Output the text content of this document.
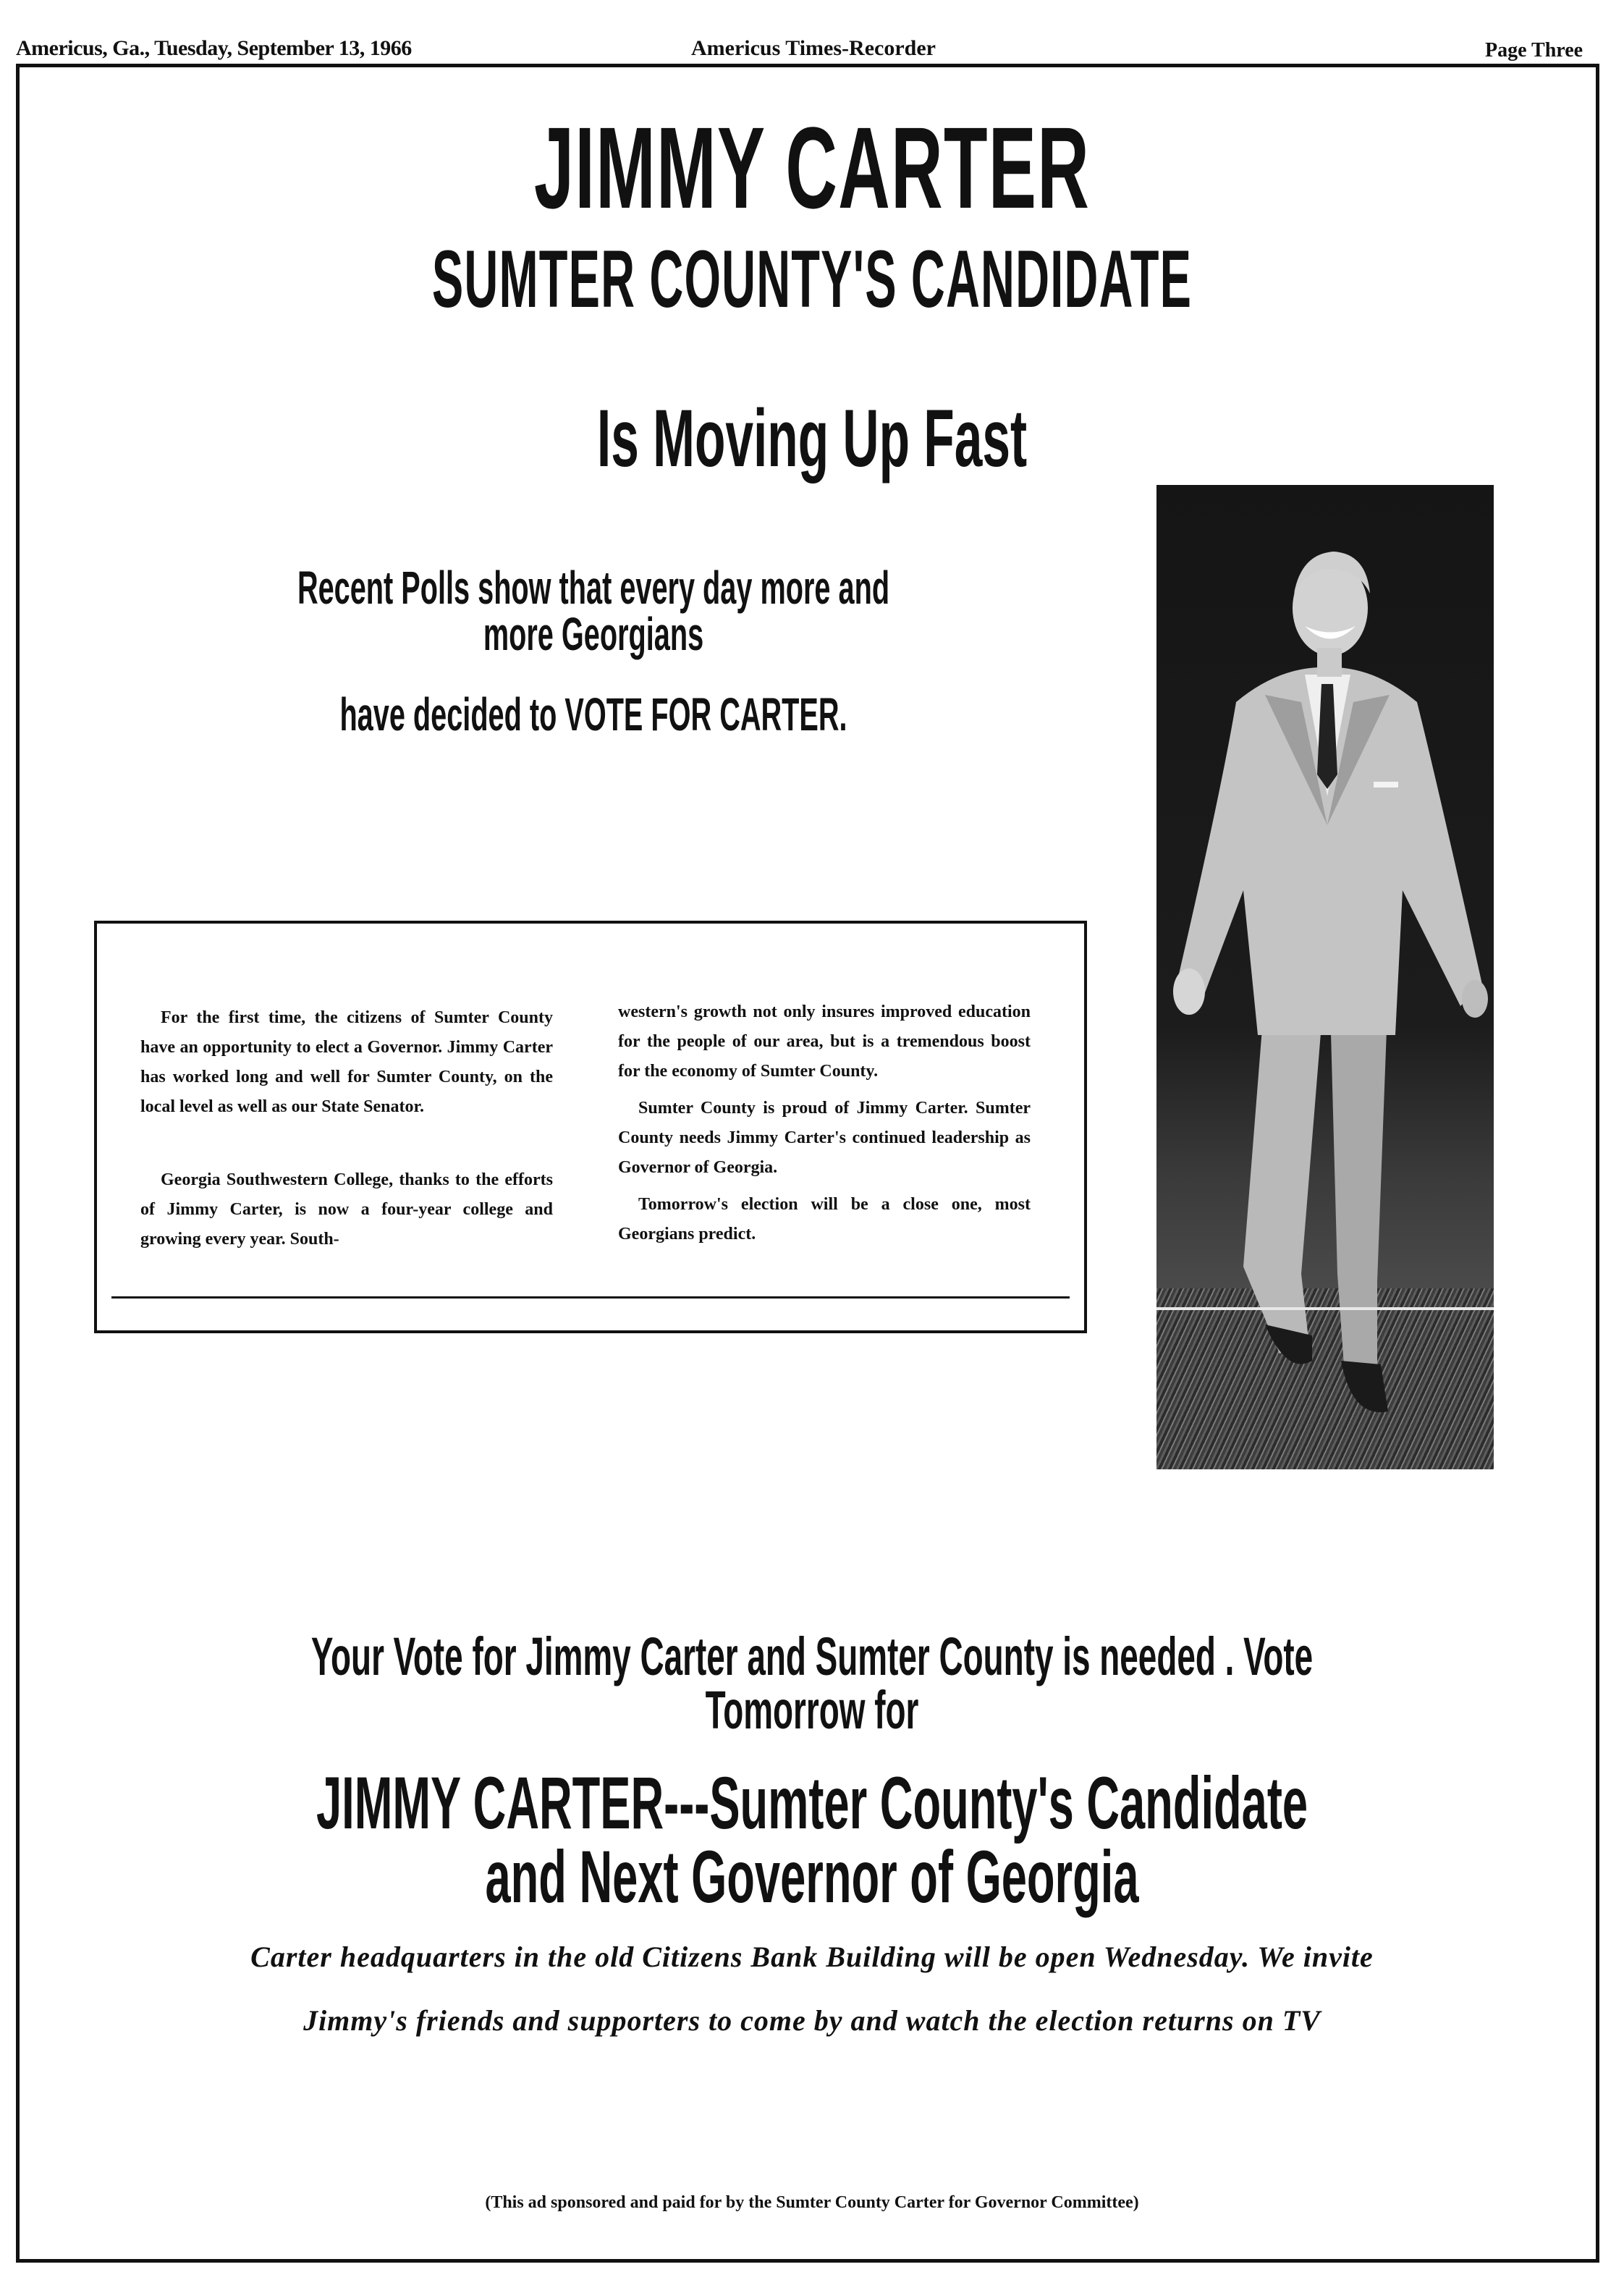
Americus, Ga., Tuesday, September 13, 1966	Americus Times-Recorder	Page Three
JIMMY CARTER
SUMTER COUNTY'S CANDIDATE
Is Moving Up Fast
Recent Polls show that every day more and more Georgians
have decided to VOTE FOR CARTER.

For the first time, the citizens of Sumter County have an opportunity to elect a Governor. Jimmy Carter has worked long and well for Sumter County, on the local level as well as our State Senator.

Georgia Southwestern College, thanks to the efforts of Jimmy Carter, is now a four-year college and growing every year. South-

western's growth not only insures improved education for the people of our area, but is a tremendous boost for the economy of Sumter County.

Sumter County is proud of Jimmy Carter. Sumter County needs Jimmy Carter's continued leadership as Governor of Georgia.

Tomorrow's election will be a close one, most Georgians predict.

Your Vote for Jimmy Carter and Sumter County is needed . Vote Tomorrow for
JIMMY CARTER---Sumter County's Candidate and Next Governor of Georgia
Carter headquarters in the old Citizens Bank Building will be open Wednesday. We invite
Jimmy's friends and supporters to come by and watch the election returns on TV
(This ad sponsored and paid for by the Sumter County Carter for Governor Committee)
